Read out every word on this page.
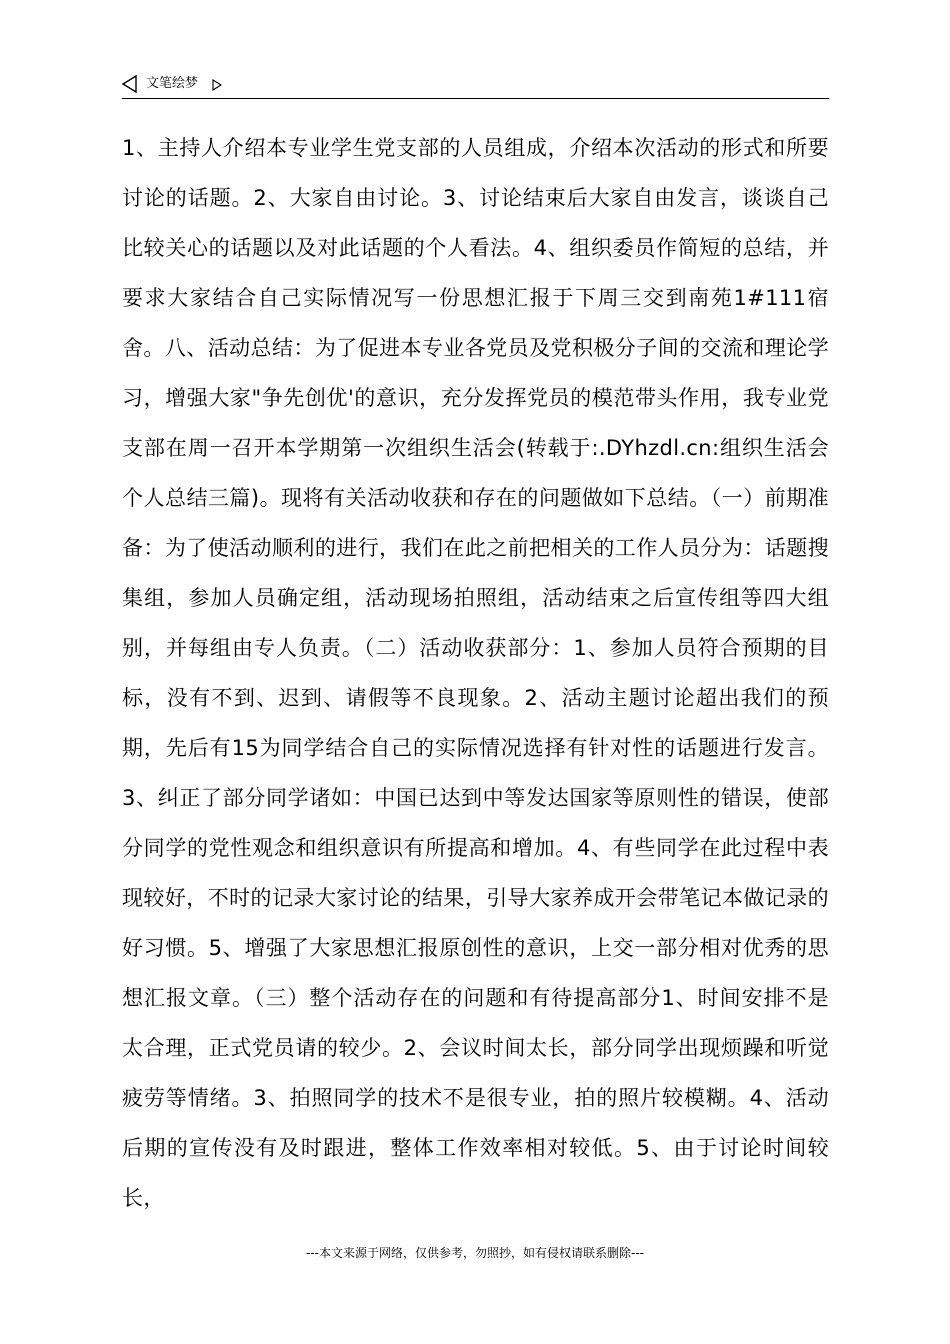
文笔绘梦

1、主持人介绍本专业学生党支部的人员组成，介绍本次活动的形式和所要讨论的话题。2、大家自由讨论。3、讨论结束后大家自由发言，谈谈自己比较关心的话题以及对此话题的个人看法。4、组织委员作简短的总结，并要求大家结合自己实际情况写一份思想汇报于下周三交到南苑1#111宿舍。八、活动总结：为了促进本专业各党员及党积极分子间的交流和理论学习，增强大家"争先创优'的意识，充分发挥党员的模范带头作用，我专业党支部在周一召开本学期第一次组织生活会(转载于:.DYhzdl.cn:组织生活会个人总结三篇)。现将有关活动收获和存在的问题做如下总结。（一）前期准备：为了使活动顺利的进行，我们在此之前把相关的工作人员分为：话题搜集组，参加人员确定组，活动现场拍照组，活动结束之后宣传组等四大组别，并每组由专人负责。（二）活动收获部分：1、参加人员符合预期的目标，没有不到、迟到、请假等不良现象。2、活动主题讨论超出我们的预期，先后有15为同学结合自己的实际情况选择有针对性的话题进行发言。3、纠正了部分同学诸如：中国已达到中等发达国家等原则性的错误，使部分同学的党性观念和组织意识有所提高和增加。4、有些同学在此过程中表现较好，不时的记录大家讨论的结果，引导大家养成开会带笔记本做记录的好习惯。5、增强了大家思想汇报原创性的意识，上交一部分相对优秀的思想汇报文章。（三）整个活动存在的问题和有待提高部分1、时间安排不是太合理，正式党员请的较少。2、会议时间太长，部分同学出现烦躁和听觉疲劳等情绪。3、拍照同学的技术不是很专业，拍的照片较模糊。4、活动后期的宣传没有及时跟进，整体工作效率相对较低。5、由于讨论时间较长，

---本文来源于网络，仅供参考，勿照抄，如有侵权请联系删除---
